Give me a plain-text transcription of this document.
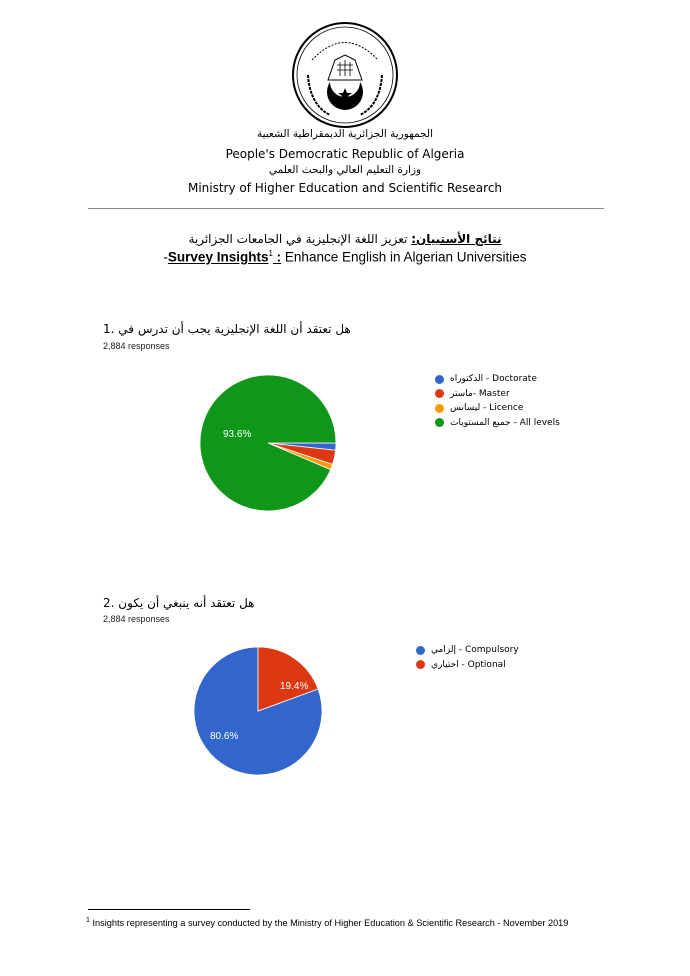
الجمهورية الجزائرية الديمقراطية الشعبية
People's Democratic Republic of Algeria
وزارة التعليم العالي والبحث العلمي
Ministry of Higher Education and Scientific Research
نتائج الأستبيان: تعزيز اللغة الإنجليزية في الجامعات الجزائرية
-Survey Insights$^1$ : Enhance English in Algerian Universities
هل تعتقد أن اللغة الإنجليزية يجب أن تدرس في .1
2,884 responses
93.6%
الدكتوراه - Doctorate
ماستر- Master
ليسانس - Licence
جميع المستويات - All levels
هل تعتقد أنه ينبغي أن يكون .2
2,884 responses
80.6%
19.4%
إلزامي - Compulsory
اختياري - Optional
$^1$ Insights representing a survey conducted by the Ministry of Higher Education & Scientific Research - November 2019
